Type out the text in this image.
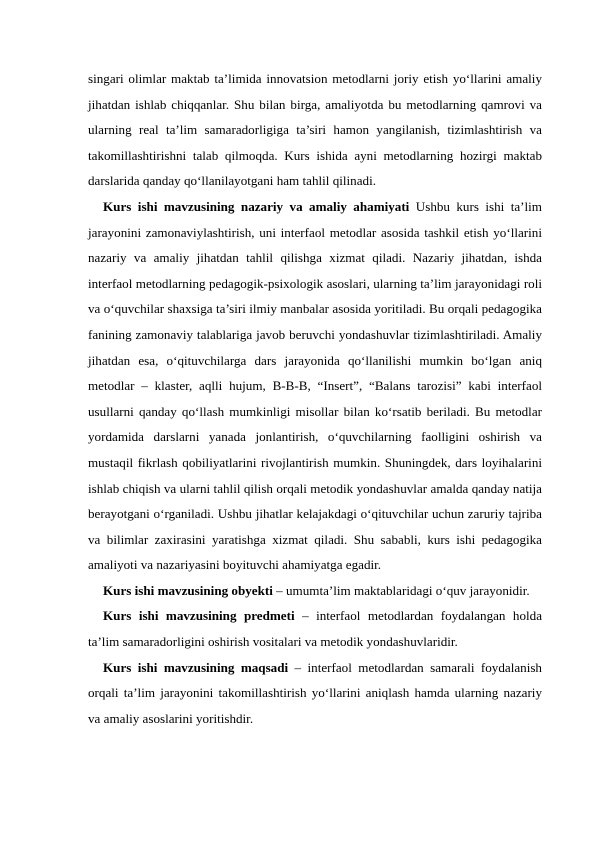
singari olimlar maktab ta’limida innovatsion metodlarni joriy etish yo‘llarini amaliy jihatdan ishlab chiqqanlar. Shu bilan birga, amaliyotda bu metodlarning qamrovi va ularning real ta’lim samaradorligiga ta’siri hamon yangilanish, tizimlashtirish va takomillashtirishni talab qilmoqda. Kurs ishida ayni metodlarning hozirgi maktab darslarida qanday qo‘llanilayotgani ham tahlil qilinadi.

Kurs ishi mavzusining nazariy va amaliy ahamiyati Ushbu kurs ishi ta’lim jarayonini zamonaviylashtirish, uni interfaol metodlar asosida tashkil etish yo‘llarini nazariy va amaliy jihatdan tahlil qilishga xizmat qiladi. Nazariy jihatdan, ishda interfaol metodlarning pedagogik-psixologik asoslari, ularning ta’lim jarayonidagi roli va o‘quvchilar shaxsiga ta’siri ilmiy manbalar asosida yoritiladi. Bu orqali pedagogika fanining zamonaviy talablariga javob beruvchi yondashuvlar tizimlashtiriladi. Amaliy jihatdan esa, o‘qituvchilarga dars jarayonida qo‘llanilishi mumkin bo‘lgan aniq metodlar – klaster, aqlli hujum, B-B-B, “Insert”, “Balans tarozisi” kabi interfaol usullarni qanday qo‘llash mumkinligi misollar bilan ko‘rsatib beriladi. Bu metodlar yordamida darslarni yanada jonlantirish, o‘quvchilarning faolligini oshirish va mustaqil fikrlash qobiliyatlarini rivojlantirish mumkin. Shuningdek, dars loyihalarini ishlab chiqish va ularni tahlil qilish orqali metodik yondashuvlar amalda qanday natija berayotgani o‘rganiladi. Ushbu jihatlar kelajakdagi o‘qituvchilar uchun zaruriy tajriba va bilimlar zaxirasini yaratishga xizmat qiladi. Shu sababli, kurs ishi pedagogika amaliyoti va nazariyasini boyituvchi ahamiyatga egadir.

Kurs ishi mavzusining obyekti – umumta’lim maktablaridagi o‘quv jarayonidir.

Kurs ishi mavzusining predmeti – interfaol metodlardan foydalangan holda ta’lim samaradorligini oshirish vositalari va metodik yondashuvlaridir.

Kurs ishi mavzusining maqsadi – interfaol metodlardan samarali foydalanish orqali ta’lim jarayonini takomillashtirish yo‘llarini aniqlash hamda ularning nazariy va amaliy asoslarini yoritishdir.
